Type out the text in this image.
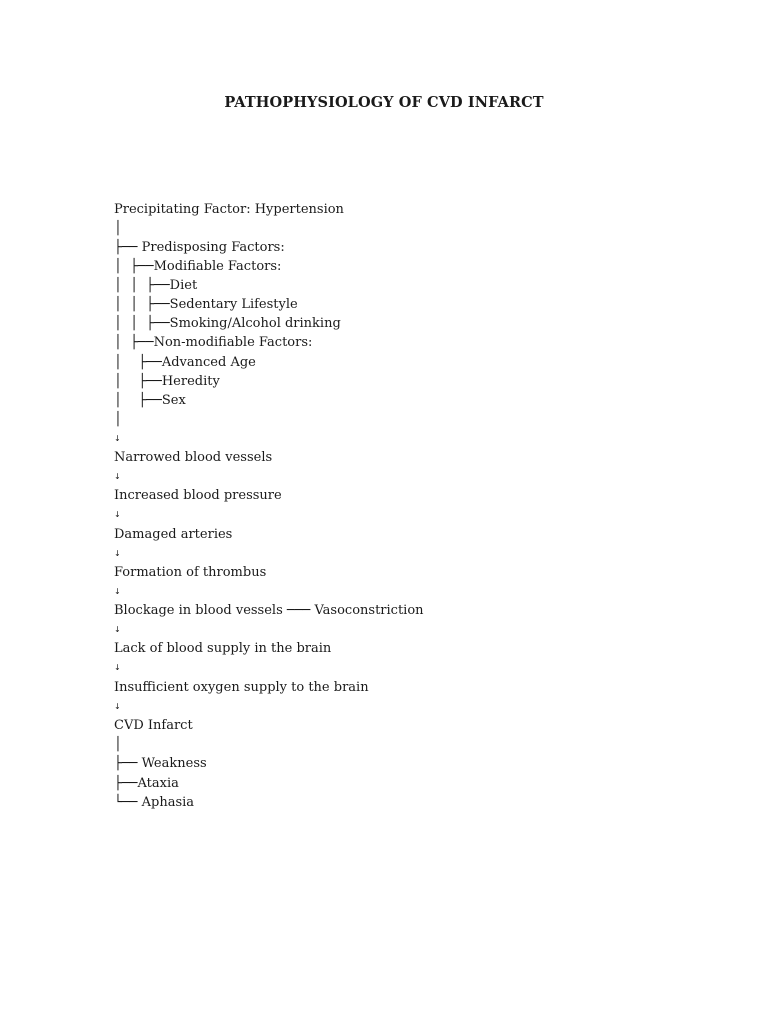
PATHOPHYSIOLOGY OF CVD INFARCT
Precipitating Factor: Hypertension
│
├── Predisposing Factors:
│  ├──Modifiable Factors:
│  │  ├──Diet
│  │  ├──Sedentary Lifestyle
│  │  ├──Smoking/Alcohol drinking
│  ├──Non-modifiable Factors:
│    ├──Advanced Age
│    ├──Heredity
│    ├──Sex
│
↓
Narrowed blood vessels
↓
Increased blood pressure
↓
Damaged arteries
↓
Formation of thrombus
↓
Blockage in blood vessels ─── Vasoconstriction
↓
Lack of blood supply in the brain
↓
Insufficient oxygen supply to the brain
↓
CVD Infarct
│
├── Weakness
├──Ataxia
└── Aphasia
